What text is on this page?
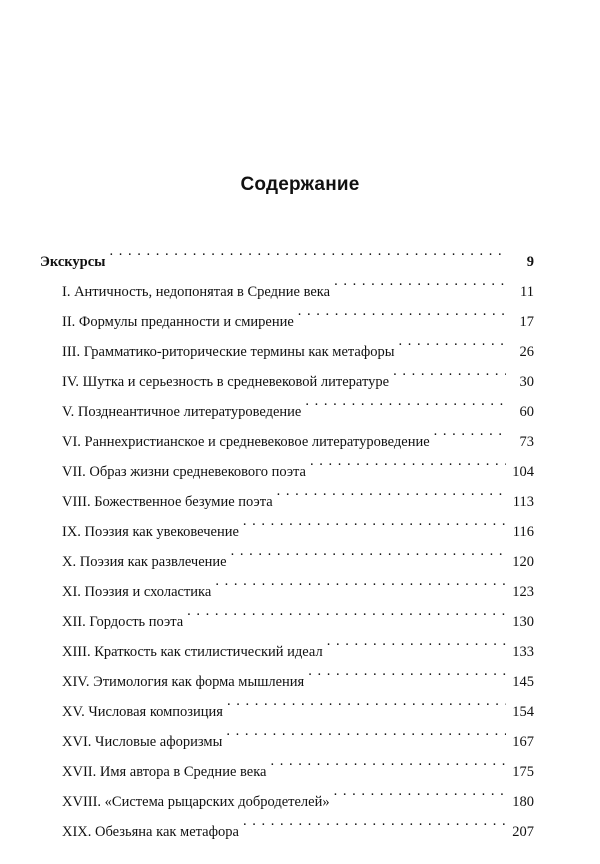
Содержание
Экскурсы . . .	9
I. Античность, недопонятая в Средние века . . .	11
II. Формулы преданности и смирение . . .	17
III. Грамматико-риторические термины как метафоры . . .	26
IV. Шутка и серьезность в средневековой литературе . . .	30
V. Позднеантичное литературоведение . . .	60
VI. Раннехристианское и средневековое литературоведение . . .	73
VII. Образ жизни средневекового поэта . . .	104
VIII. Божественное безумие поэта . . .	113
IX. Поэзия как увековечение . . .	116
X. Поэзия как развлечение . . .	120
XI. Поэзия и схоластика . . .	123
XII. Гордость поэта . . .	130
XIII. Краткость как стилистический идеал . . .	133
XIV. Этимология как форма мышления . . .	145
XV. Числовая композиция . . .	154
XVI. Числовые афоризмы . . .	167
XVII. Имя автора в Средние века . . .	175
XVIII. «Система рыцарских добродетелей» . . .	180
XIX. Обезьяна как метафора . . .	207
